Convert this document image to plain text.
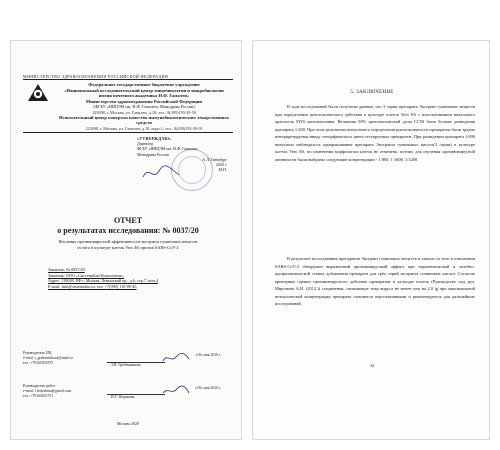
МИНИСТЕРСТВО ЗДРАВООХРАНЕНИЯ РОССИЙСКОЙ ФЕДЕРАЦИИ
Федеральное государственное бюджетное учреждение
«Национальный исследовательский центр эпидемиологии и микробиологии
имени почетного академика Н.Ф. Гамалеи»
Министерства здравоохранения Российской Федерации
(ФГБУ «НИЦЭМ им. Н.Ф. Гамалеи» Минздрава России)
123098, г. Москва, ул. Гамалеи, д.18; тел.: 8(499)193-30-50
Испытательный центр контроля качества иммунобиологических лекарственных средств
123098, г. Москва, ул. Гамалеи, д.18, корп.1; тел.: 8(499)193-30-01
«УТВЕРЖДАЮ»
Директор
ФГБУ «НИЦЭМ им. Н.Ф. Гамалеи»
Минздрава России
А.Л. Гинцбург
2020 г.
М.П.
ОТЧЕТ
о результатах исследования: № 0037/20
Изучение противовирусной эффективности экстракта гуминовых веществ
in vitro в культуре клеток Vero E6 против SARS-CoV-2
Заказчик: № 0037/20
Заказчик: ООО «СистемаБиоТехнологии»,
Адрес: 119049, РФ г. Москва, Ленинский пр., д.6, стр.7, пом.4
E-mail: info@sistemabio.ru, тел. +7(999) 110-09-46
Руководитель ИЦ
e-mail: t_grebennikova@mail.ru
тел. +79165051875	Т.В. Гребенникова
«18» мая 2020 г.
Руководитель работ
e-mail: i.fedyakina@gmail.com
тел. +79165021751	И.Т. Федякина
«18» мая 2020 г.
Москва 2020
5. ЗАКЛЮЧЕНИЕ

В ходе исследований были получены данные, что 3 серии препарата Экстракт гуминовых веществ при определении цитотоксического действия в культуре клеток Vero E6 с использованием витального красителя MTS малотоксичны. Величина 50% цитотоксической дозы CC50 была больше разведения препарата 1:200. При этом результаты визуального определения цитотоксичности препаратов были трудно интерпретируемы ввиду специфического цвета тестируемых препаратов. При разведении препарата 1:800 визуально наблюдалось прокрашивание препарата Экстракта гуминовых кислот(3 серии) в культуре клеток Vero E6, но изменения морфологии клеток не отмечено, потому для изучения противовирусной активности были выбраны следующие концентрации - 1:800, 1:1600, 1:3200.

В результате исследования препаратов Экстракт гуминовых веществ в опытах in vitro в отношении SARS-CoV-2 обнаружен выраженный противовирусный эффект при терапевтической и лечебно-профилактической схемах добавления препарата для трёх серий экстракта гуминовых кислот. Согласно критериям оценки противовирусного действия препаратов в культуре клеток (Руководство под ред. Миронова А.Н. (2012.)) соединения, снижающие титр вируса не менее чем на 2,0 lg при максимальной нетоксической концентрации препарата считаются перспективными и рекомендуются для дальнейших исследований.

34
